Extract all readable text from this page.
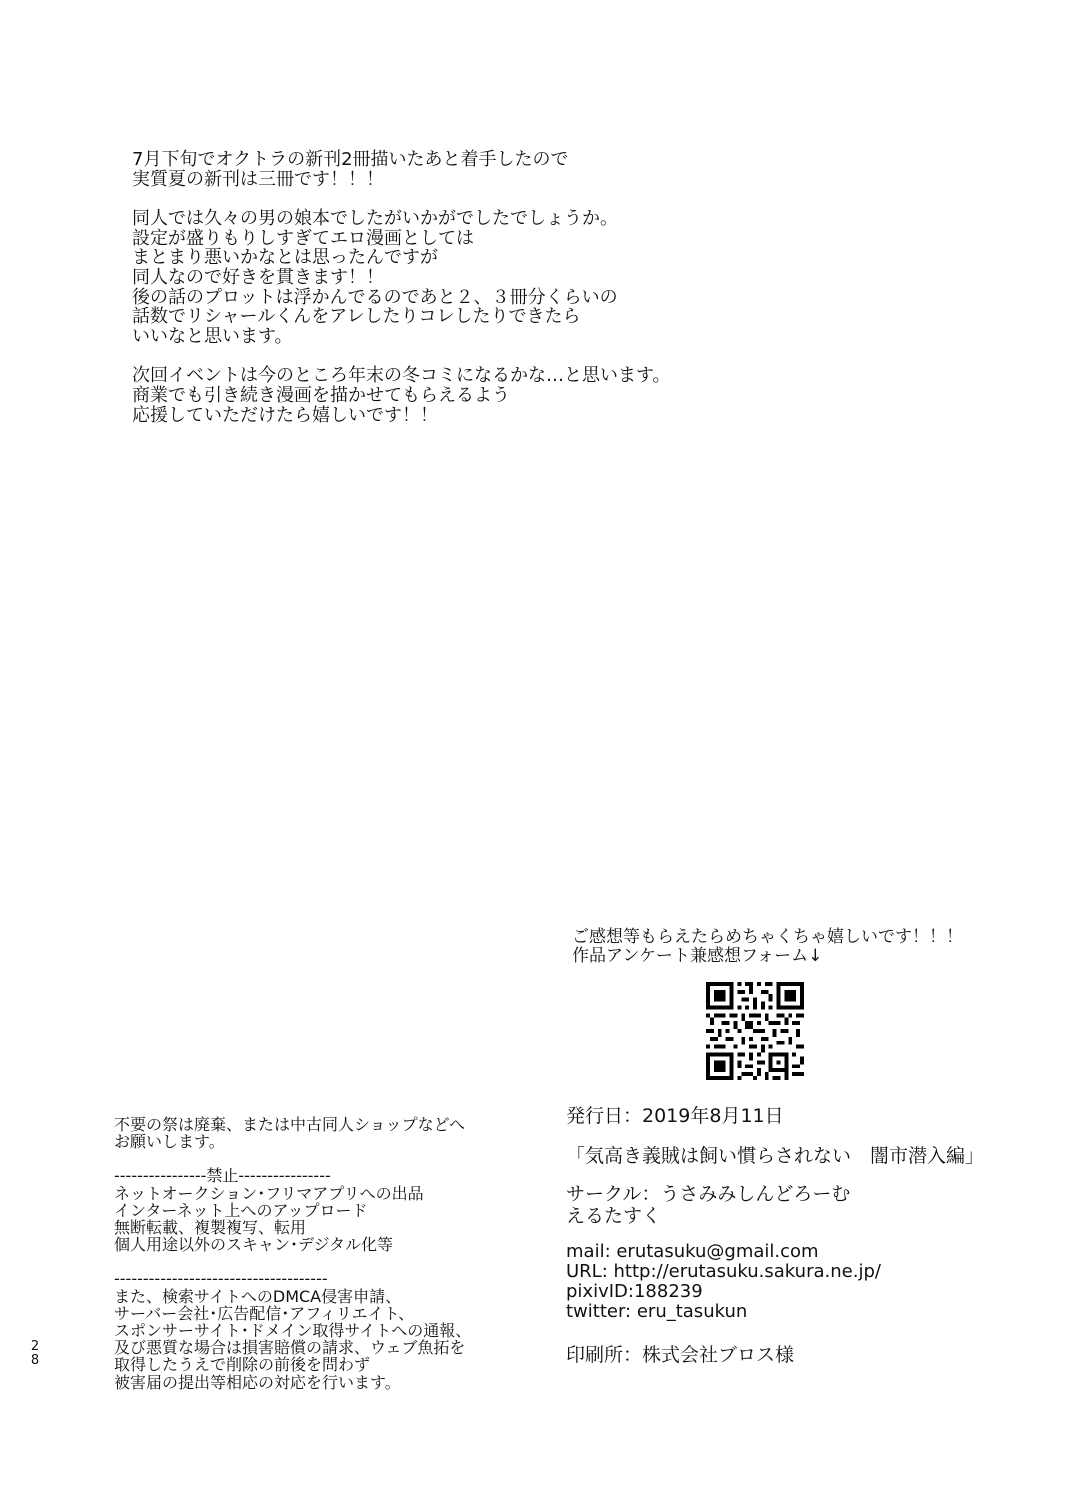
7月下旬でオクトラの新刊2冊描いたあと着手したので
実質夏の新刊は三冊です！！！
同人では久々の男の娘本でしたがいかがでしたでしょうか。
設定が盛りもりしすぎてエロ漫画としては
まとまり悪いかなとは思ったんですが
同人なので好きを貫きます！！
後の話のプロットは浮かんでるのであと２、３冊分くらいの
話数でリシャールくんをアレしたりコレしたりできたら
いいなと思います。
次回イベントは今のところ年末の冬コミになるかな…と思います。
商業でも引き続き漫画を描かせてもらえるよう
応援していただけたら嬉しいです！！
ご感想等もらえたらめちゃくちゃ嬉しいです！！！
作品アンケート兼感想フォーム↓
発行日：2019年8月11日
「気高き義賊は飼い慣らされない　闇市潜入編」
サークル：うさみみしんどろーむ
えるたすく
mail: erutasuku@gmail.com
URL: http://erutasuku.sakura.ne.jp/
pixivID:188239
twitter: eru_tasukun
印刷所：株式会社ブロス様
不要の祭は廃棄、または中古同人ショップなどへ
お願いします。
----------------禁止----------------
ネットオークション･フリマアプリへの出品
インターネット上へのアップロード
無断転載、複製複写、転用
個人用途以外のスキャン･デジタル化等
-------------------------------------
また、検索サイトへのDMCA侵害申請、
サーバー会社･広告配信･アフィリエイト、
スポンサーサイト･ドメイン取得サイトへの通報、
及び悪質な場合は損害賠償の請求、ウェブ魚拓を
取得したうえで削除の前後を問わず
被害届の提出等相応の対応を行います。
2
8
